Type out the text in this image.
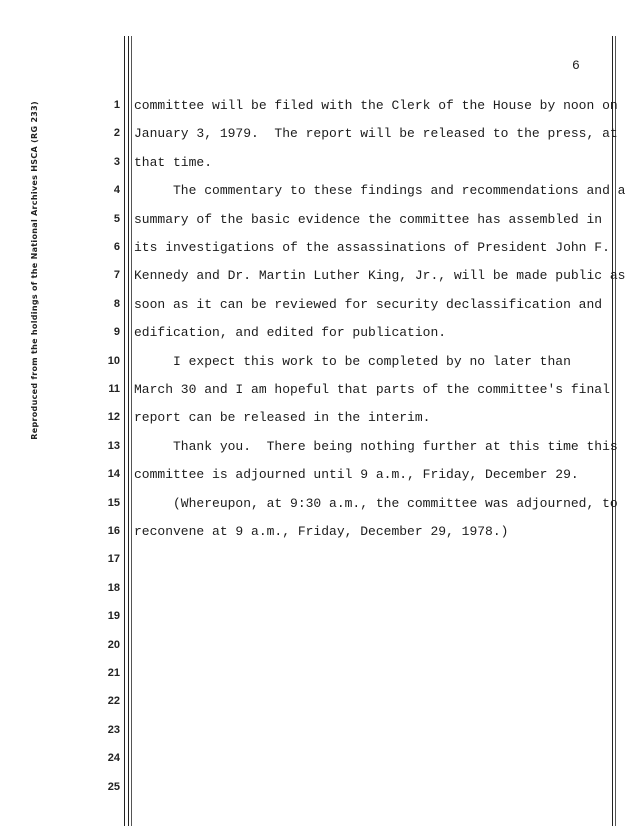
Reproduced from the holdings of the National Archives HSCA (RG 233)
6
1
2
3
4
5
6
7
8
9
10
11
12
13
14
15
16
17
18
19
20
21
22
23
24
25
committee will be filed with the Clerk of the House by noon on
January 3, 1979.  The report will be released to the press, at
that time.
The commentary to these findings and recommendations and a
summary of the basic evidence the committee has assembled in
its investigations of the assassinations of President John F.
Kennedy and Dr. Martin Luther King, Jr., will be made public as
soon as it can be reviewed for security declassification and
edification, and edited for publication.
I expect this work to be completed by no later than
March 30 and I am hopeful that parts of the committee's final
report can be released in the interim.
Thank you.  There being nothing further at this time this
committee is adjourned until 9 a.m., Friday, December 29.
(Whereupon, at 9:30 a.m., the committee was adjourned, to
reconvene at 9 a.m., Friday, December 29, 1978.)
